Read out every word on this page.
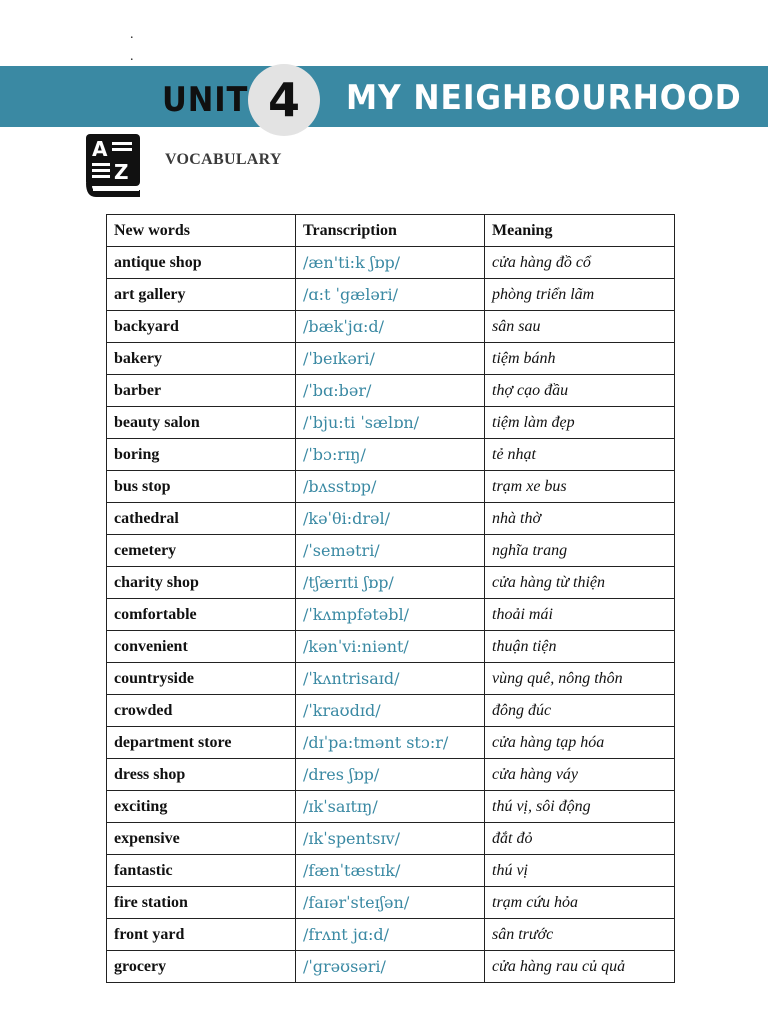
.
.
UNIT 4 MY NEIGHBOURHOOD
A
Z
VOCABULARY
New words	Transcription	Meaning
antique shop	/æn'ti:k ʃɒp/	cửa hàng đồ cổ
art gallery	/ɑ:t ˈgæləri/	phòng triển lãm
backyard	/bækˈjɑ:d/	sân sau
bakery	/ˈbeɪkəri/	tiệm bánh
barber	/ˈbɑ:bər/	thợ cạo đầu
beauty salon	/ˈbju:ti ˈsælɒn/	tiệm làm đẹp
boring	/ˈbɔ:rɪŋ/	tẻ nhạt
bus stop	/bʌsstɒp/	trạm xe bus
cathedral	/kəˈθi:drəl/	nhà thờ
cemetery	/ˈsemətri/	nghĩa trang
charity shop	/tʃærɪti ʃɒp/	cửa hàng từ thiện
comfortable	/ˈkʌmpfətəbl/	thoải mái
convenient	/kənˈvi:niənt/	thuận tiện
countryside	/ˈkʌntrisaɪd/	vùng quê, nông thôn
crowded	/ˈkraʊdɪd/	đông đúc
department store	/dɪˈpa:tmənt stɔ:r/	cửa hàng tạp hóa
dress shop	/dres ʃɒp/	cửa hàng váy
exciting	/ɪkˈsaɪtɪŋ/	thú vị, sôi động
expensive	/ɪkˈspentsɪv/	đắt đỏ
fantastic	/fænˈtæstɪk/	thú vị
fire station	/faɪərˈsteɪʃən/	trạm cứu hỏa
front yard	/frʌnt jɑ:d/	sân trước
grocery	/ˈgrəʊsəri/	cửa hàng rau củ quả
